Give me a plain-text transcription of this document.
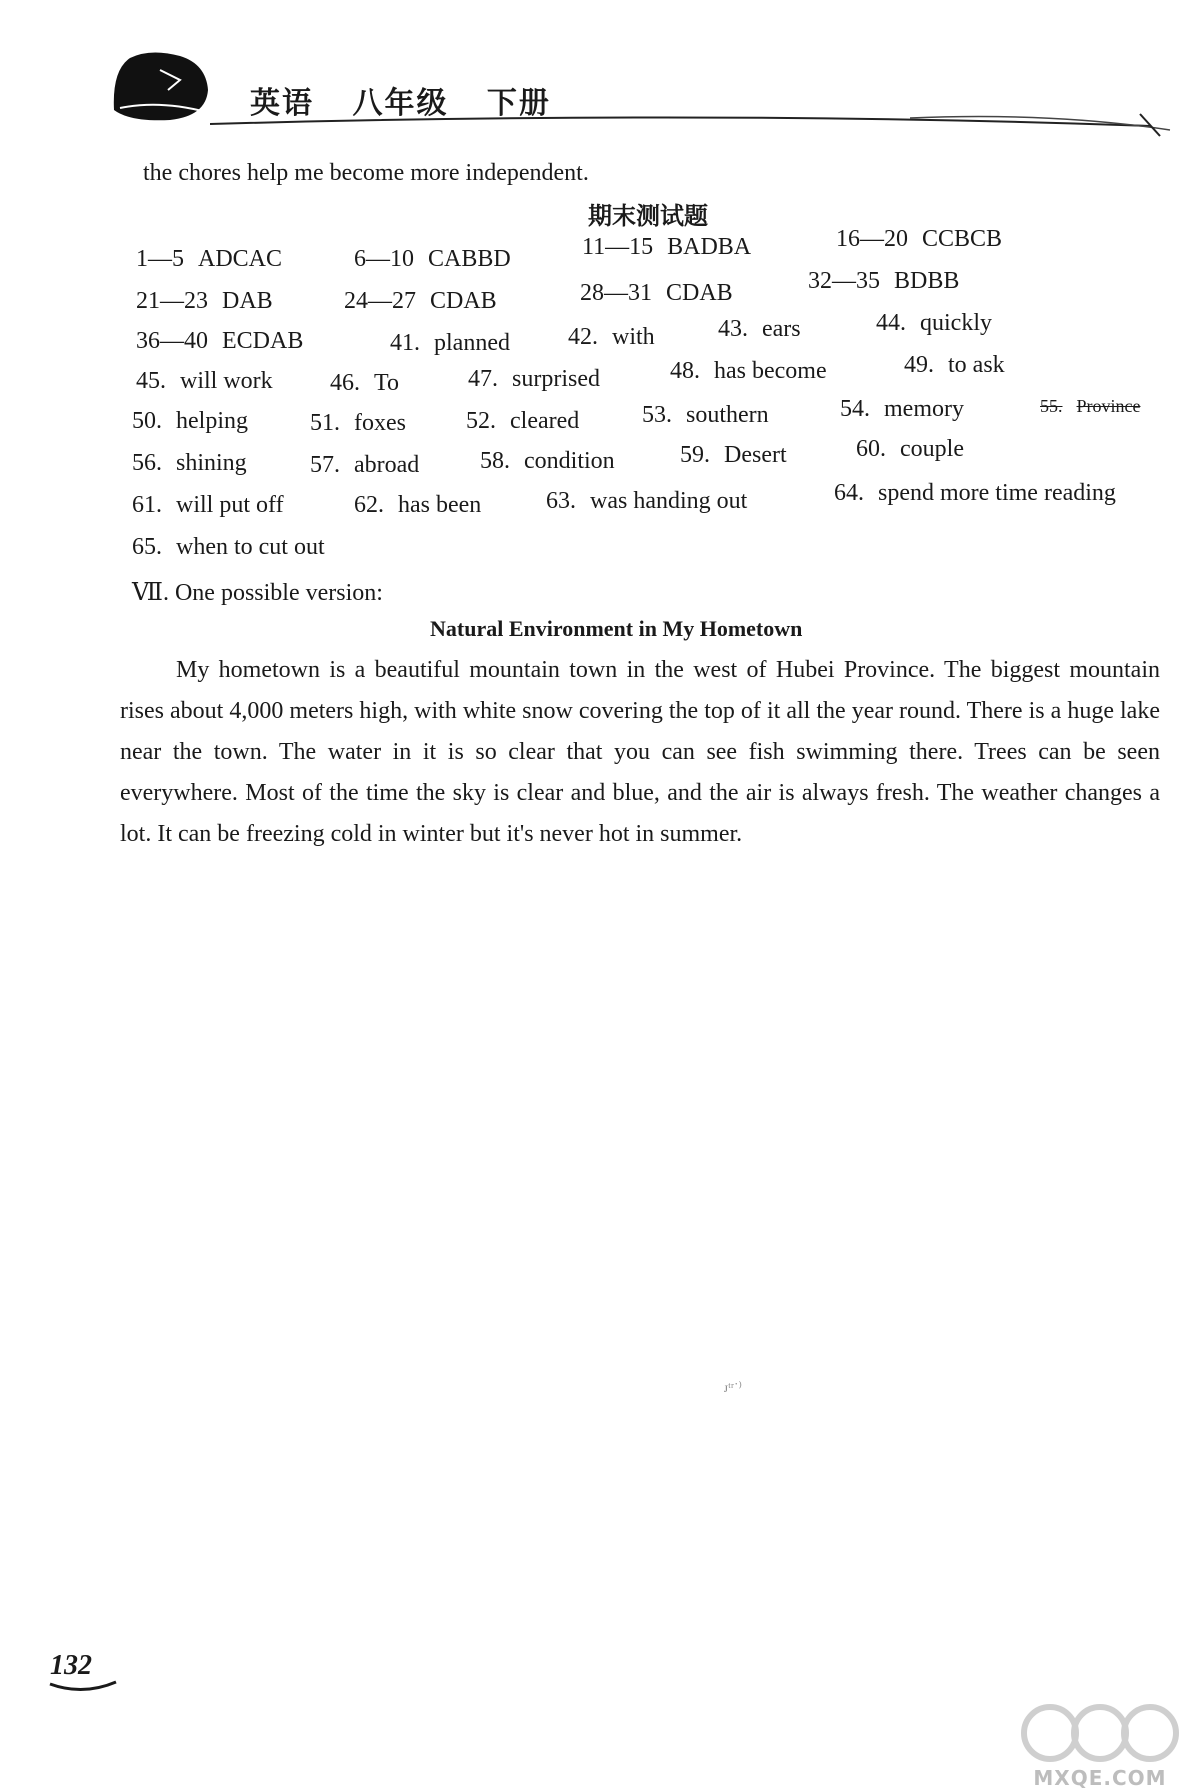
英语 八年级 下册
the chores help me become more independent.
期末测试题
1—5 ADCAC	6—10 CABBD	11—15 BADBA	16—20 CCBCB
21—23 DAB	24—27 CDAB	28—31 CDAB	32—35 BDBB
36—40 ECDAB	41. planned 42. with	43. ears	44. quickly
45. will work 46. To	47. surprised	48. has become	49. to ask
50. helping	51. foxes	52. cleared	53. southern	54. memory	55. Province
56. shining	57. abroad	58. condition	59. Desert	60. couple
61. will put off	62. has been	63. was handing out	64. spend more time reading
65. when to cut out
Ⅶ. One possible version:
Natural Environment in My Hometown

My hometown is a beautiful mountain town in the west of Hubei Province. The biggest mountain rises about 4,000 meters high, with white snow covering the top of it all the year round. There is a huge lake near the town. The water in it is so clear that you can see fish swimming there. Trees can be seen everywhere. Most of the time the sky is clear and blue, and the air is always fresh. The weather changes a lot. It can be freezing cold in winter but it's never hot in summer.

ᴊᵗʳ˙⁾
132
MXQE.COM
